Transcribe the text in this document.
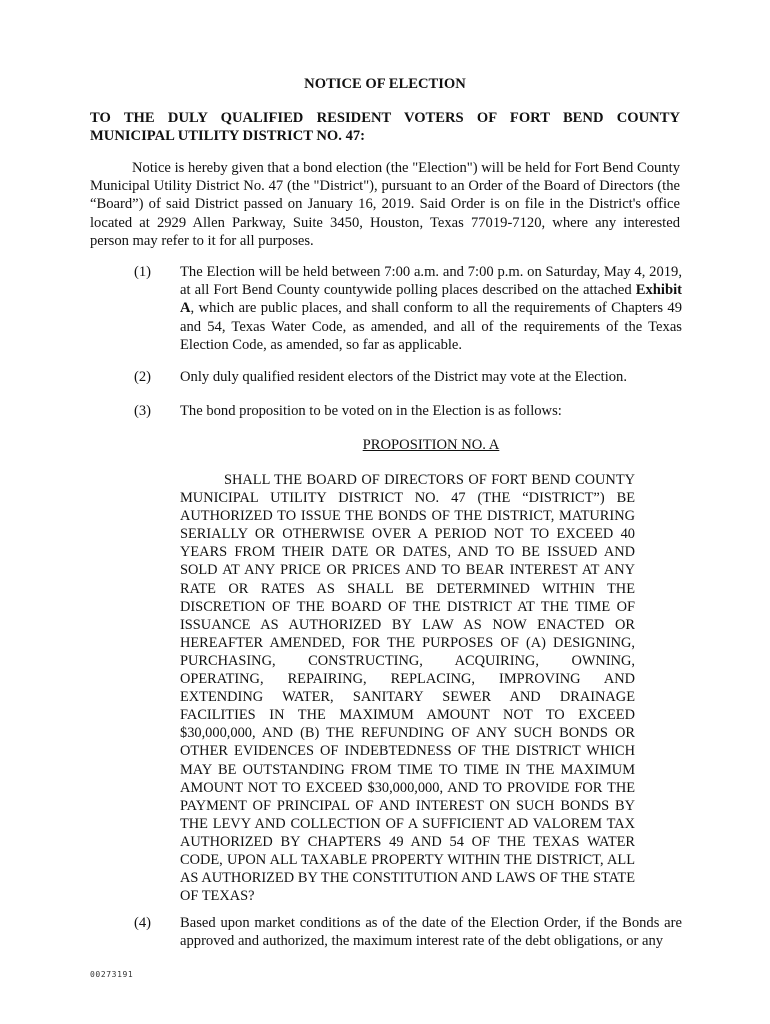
NOTICE OF ELECTION
TO THE DULY QUALIFIED RESIDENT VOTERS OF FORT BEND COUNTY MUNICIPAL UTILITY DISTRICT NO. 47:
Notice is hereby given that a bond election (the "Election") will be held for Fort Bend County Municipal Utility District No. 47 (the "District"), pursuant to an Order of the Board of Directors (the “Board”) of said District passed on January 16, 2019. Said Order is on file in the District's office located at 2929 Allen Parkway, Suite 3450, Houston, Texas 77019-7120, where any interested person may refer to it for all purposes.
(1) The Election will be held between 7:00 a.m. and 7:00 p.m. on Saturday, May 4, 2019, at all Fort Bend County countywide polling places described on the attached Exhibit A, which are public places, and shall conform to all the requirements of Chapters 49 and 54, Texas Water Code, as amended, and all of the requirements of the Texas Election Code, as amended, so far as applicable.
(2) Only duly qualified resident electors of the District may vote at the Election.
(3) The bond proposition to be voted on in the Election is as follows:
PROPOSITION NO. A
SHALL THE BOARD OF DIRECTORS OF FORT BEND COUNTY MUNICIPAL UTILITY DISTRICT NO. 47 (THE “DISTRICT”) BE AUTHORIZED TO ISSUE THE BONDS OF THE DISTRICT, MATURING SERIALLY OR OTHERWISE OVER A PERIOD NOT TO EXCEED 40 YEARS FROM THEIR DATE OR DATES, AND TO BE ISSUED AND SOLD AT ANY PRICE OR PRICES AND TO BEAR INTEREST AT ANY RATE OR RATES AS SHALL BE DETERMINED WITHIN THE DISCRETION OF THE BOARD OF THE DISTRICT AT THE TIME OF ISSUANCE AS AUTHORIZED BY LAW AS NOW ENACTED OR HEREAFTER AMENDED, FOR THE PURPOSES OF (A) DESIGNING, PURCHASING, CONSTRUCTING, ACQUIRING, OWNING, OPERATING, REPAIRING, REPLACING, IMPROVING AND EXTENDING WATER, SANITARY SEWER AND DRAINAGE FACILITIES IN THE MAXIMUM AMOUNT NOT TO EXCEED $30,000,000, AND (B) THE REFUNDING OF ANY SUCH BONDS OR OTHER EVIDENCES OF INDEBTEDNESS OF THE DISTRICT WHICH MAY BE OUTSTANDING FROM TIME TO TIME IN THE MAXIMUM AMOUNT NOT TO EXCEED $30,000,000, AND TO PROVIDE FOR THE PAYMENT OF PRINCIPAL OF AND INTEREST ON SUCH BONDS BY THE LEVY AND COLLECTION OF A SUFFICIENT AD VALOREM TAX AUTHORIZED BY CHAPTERS 49 AND 54 OF THE TEXAS WATER CODE, UPON ALL TAXABLE PROPERTY WITHIN THE DISTRICT, ALL AS AUTHORIZED BY THE CONSTITUTION AND LAWS OF THE STATE OF TEXAS?
(4) Based upon market conditions as of the date of the Election Order, if the Bonds are approved and authorized, the maximum interest rate of the debt obligations, or any
00273191
